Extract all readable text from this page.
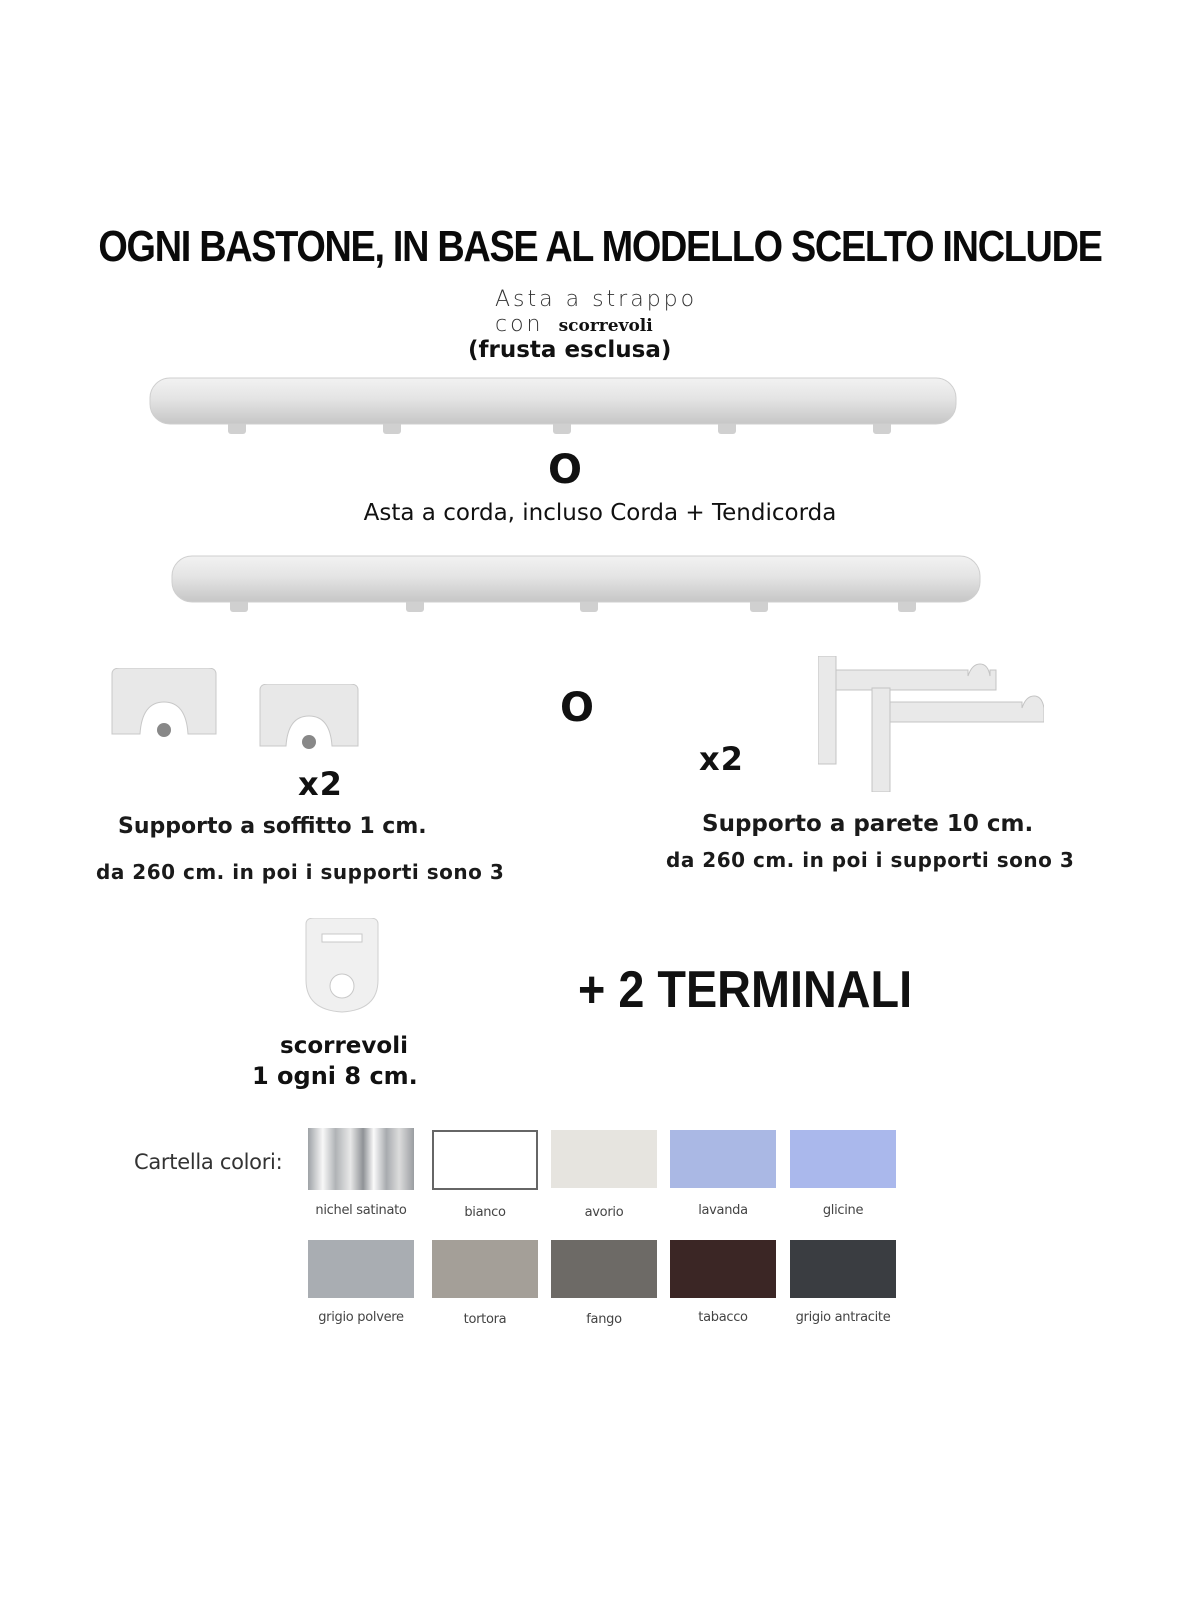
OGNI BASTONE, IN BASE AL MODELLO SCELTO INCLUDE
Asta a strappo
con scorrevoli
(frusta esclusa)
O
Asta a corda, incluso Corda + Tendicorda
O
x2
x2
Supporto a soffitto 1 cm.
da 260 cm. in poi i supporti sono 3
Supporto a parete 10 cm.
da 260 cm. in poi i supporti sono 3
+ 2 TERMINALI
scorrevoli
1 ogni 8 cm.
Cartella colori:
nichel satinato	bianco	avorio	lavanda	glicine
grigio polvere	tortora	fango	tabacco	grigio antracite
